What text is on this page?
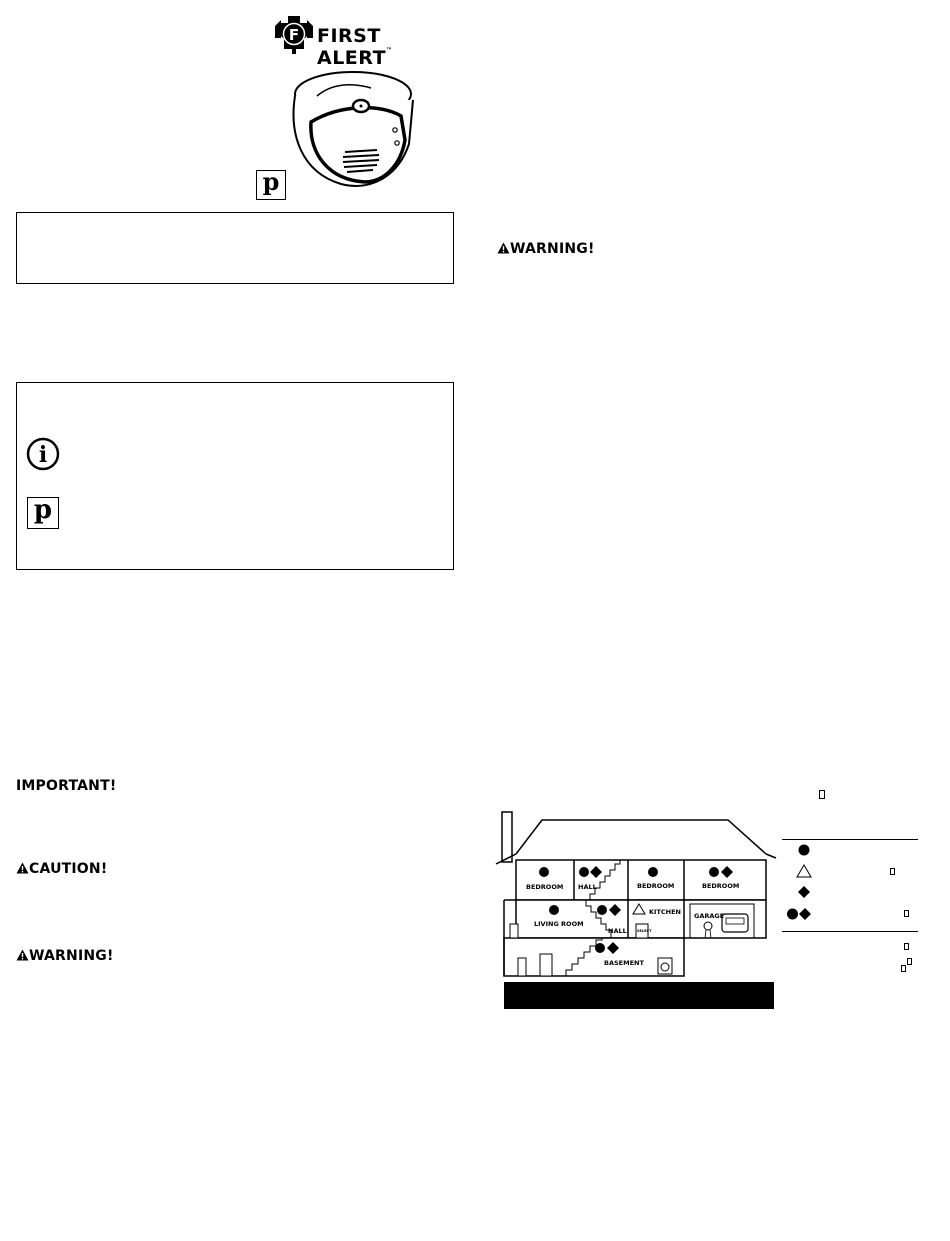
F FIRST ALERT™
p
i
p
IMPORTANT!
CAUTION!
WARNING!
WARNING!
BEDROOM HALL	BEDROOM	BEDROOM
LIVING ROOM
HALL
KITCHEN GARAGE
BASEMENT
SELECT
